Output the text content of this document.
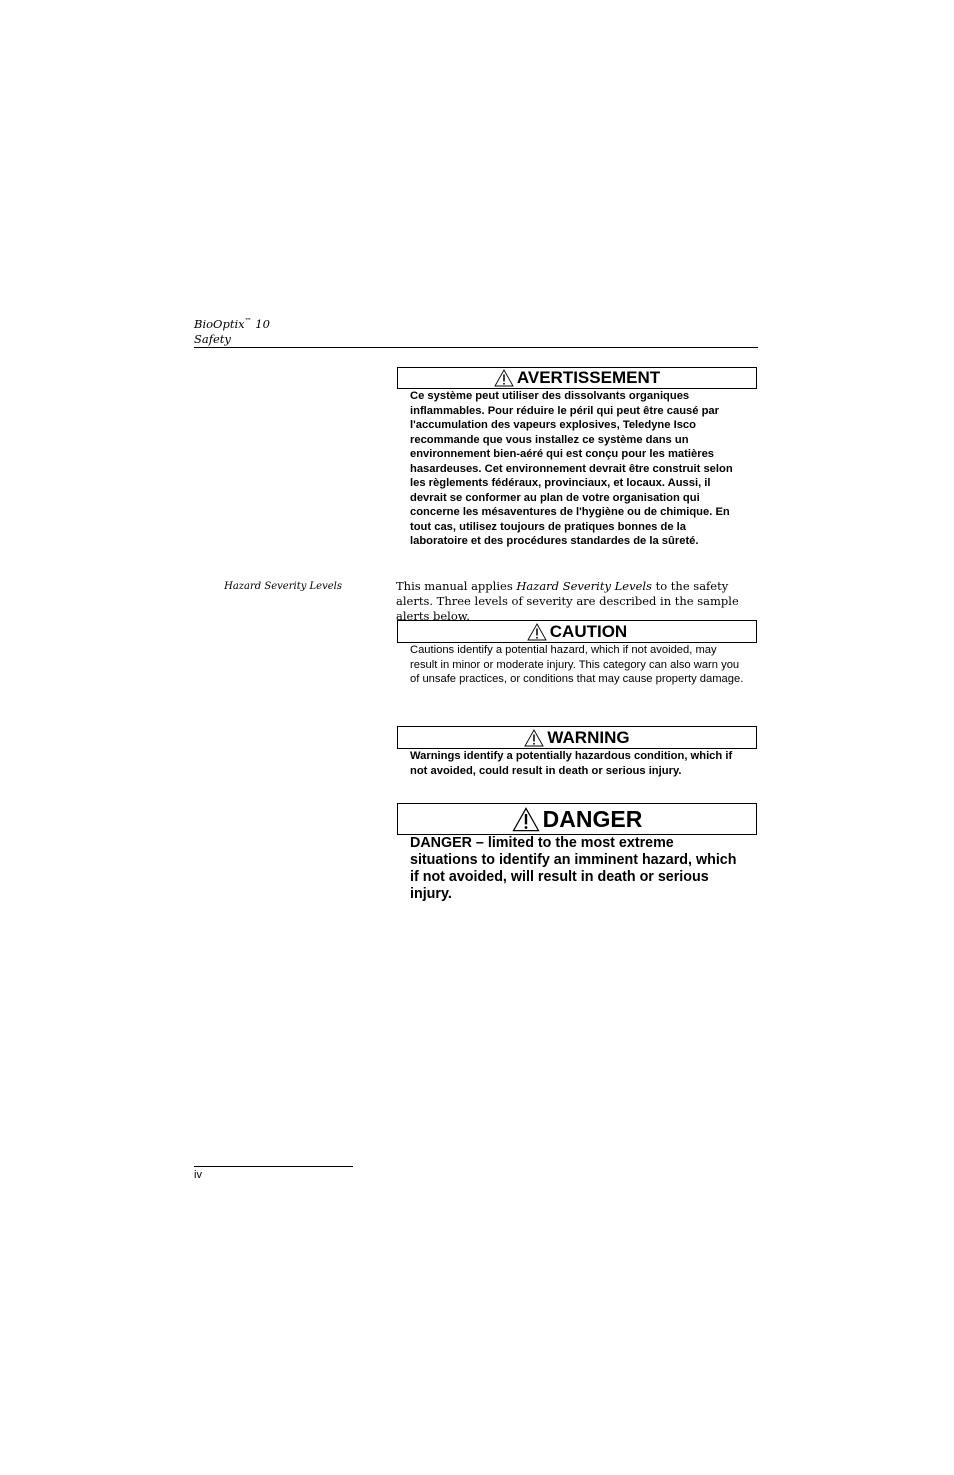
BioOptix™ 10
Safety
AVERTISSEMENT
Ce système peut utiliser des dissolvants organiques inflammables. Pour réduire le péril qui peut être causé par l'accumulation des vapeurs explosives, Teledyne Isco recommande que vous installez ce système dans un environnement bien-aéré qui est conçu pour les matières hasardeuses. Cet environnement devrait être construit selon les règlements fédéraux, provinciaux, et locaux. Aussi, il devrait se conformer au plan de votre organisation qui concerne les mésaventures de l'hygiène ou de chimique. En tout cas, utilisez toujours de pratiques bonnes de la laboratoire et des procédures standardes de la sûreté.
Hazard Severity Levels	This manual applies Hazard Severity Levels to the safety alerts. Three levels of severity are described in the sample alerts below.
CAUTION
Cautions identify a potential hazard, which if not avoided, may result in minor or moderate injury. This category can also warn you of unsafe practices, or conditions that may cause property damage.
WARNING
Warnings identify a potentially hazardous condition, which if not avoided, could result in death or serious injury.
DANGER
DANGER – limited to the most extreme situations to identify an imminent hazard, which if not avoided, will result in death or serious injury.
iv
